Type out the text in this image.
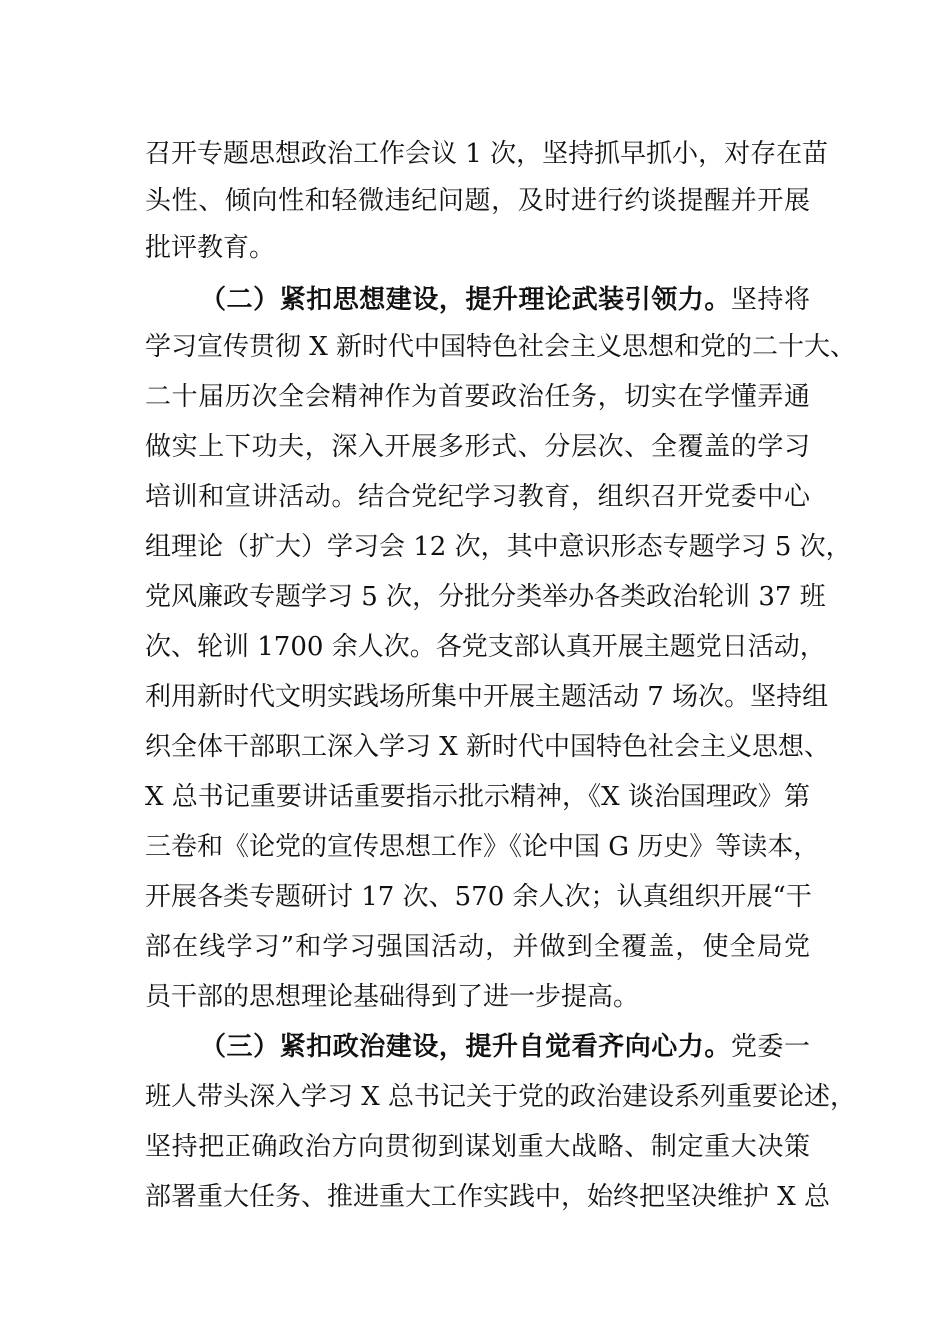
召开专题思想政治工作会议 1 次，坚持抓早抓小，对存在苗
头性、倾向性和轻微违纪问题，及时进行约谈提醒并开展
批评教育。
（二）紧扣思想建设，提升理论武装引领力。坚持将
学习宣传贯彻 X 新时代中国特色社会主义思想和党的二十大、
二十届历次全会精神作为首要政治任务，切实在学懂弄通
做实上下功夫，深入开展多形式、分层次、全覆盖的学习
培训和宣讲活动。结合党纪学习教育，组织召开党委中心
组理论（扩大）学习会 12 次，其中意识形态专题学习 5 次，
党风廉政专题学习 5 次，分批分类举办各类政治轮训 37 班
次、轮训 1700 余人次。各党支部认真开展主题党日活动，
利用新时代文明实践场所集中开展主题活动 7 场次。坚持组
织全体干部职工深入学习 X 新时代中国特色社会主义思想、
X 总书记重要讲话重要指示批示精神，《X 谈治国理政》第
三卷和《论党的宣传思想工作》《论中国 G 历史》等读本，
开展各类专题研讨 17 次、570 余人次；认真组织开展“干
部在线学习”和学习强国活动，并做到全覆盖，使全局党
员干部的思想理论基础得到了进一步提高。
（三）紧扣政治建设，提升自觉看齐向心力。党委一
班人带头深入学习 X 总书记关于党的政治建设系列重要论述，
坚持把正确政治方向贯彻到谋划重大战略、制定重大决策
部署重大任务、推进重大工作实践中，始终把坚决维护 X 总
